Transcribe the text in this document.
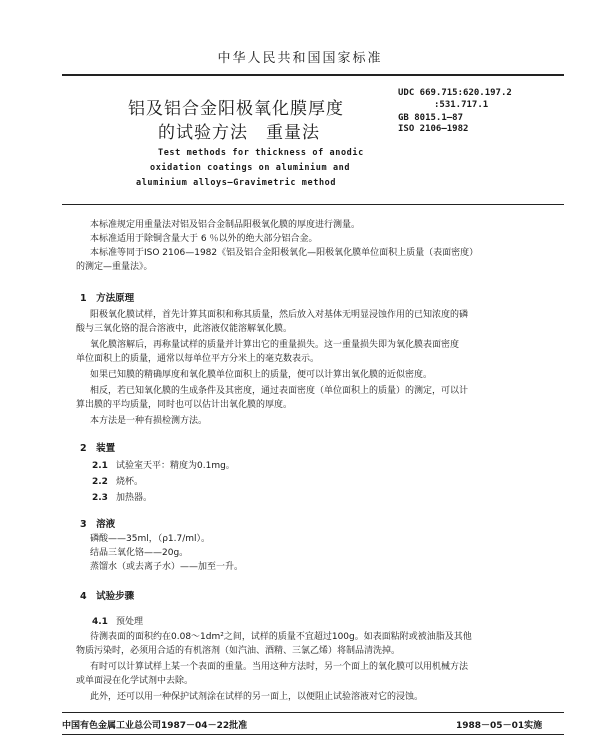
中华人民共和国国家标准
铝及铝合金阳极氧化膜厚度
的试验方法　重量法
UDC 669.715:620.197.2
:531.717.1
GB 8015.1—87
ISO 2106—1982
Test methods for thickness of anodic
oxidation coatings on aluminium and
aluminium alloys—Gravimetric method
本标准规定用重量法对铝及铝合金制品阳极氧化膜的厚度进行测量。
本标准适用于除铜含量大于 6 ％以外的绝大部分铝合金。
本标准等同于ISO 2106—1982《铝及铝合金阳极氧化—阳极氧化膜单位面积上质量（表面密度）
的测定—重量法》。
1　方法原理
阳极氧化膜试样，首先计算其面积和称其质量，然后放入对基体无明显浸蚀作用的已知浓度的磷
酸与三氧化铬的混合溶液中，此溶液仅能溶解氧化膜。
氧化膜溶解后，再称量试样的质量并计算出它的重量损失。这一重量损失即为氧化膜表面密度
单位面积上的质量，通常以每单位平方分米上的毫克数表示。
如果已知膜的精确厚度和氧化膜单位面积上的质量，便可以计算出氧化膜的近似密度。
相反，若已知氧化膜的生成条件及其密度，通过表面密度（单位面积上的质量）的测定，可以计
算出膜的平均质量，同时也可以估计出氧化膜的厚度。
本方法是一种有损检测方法。
2　装置
2.1 试验室天平：精度为0.1mg。
2.2 烧杯。
2.3 加热器。
3　溶液
磷酸——35ml，（ρ1.7/ml）。
结晶三氧化铬——20g。
蒸馏水（或去离子水）——加至一升。
4　试验步骤
4.1 预处理
待测表面的面积约在0.08～1dm²之间，试样的质量不宜超过100g。如表面粘附或被油脂及其他
物质污染时，必须用合适的有机溶剂（如汽油、酒精、三氯乙烯）将制品清洗掉。
有时可以计算试样上某一个表面的重量。当用这种方法时，另一个面上的氧化膜可以用机械方法
或单面浸在化学试剂中去除。
此外，还可以用一种保护试剂涂在试样的另一面上，以便阻止试验溶液对它的浸蚀。
中国有色金属工业总公司1987－04－22批准	1988－05－01实施
